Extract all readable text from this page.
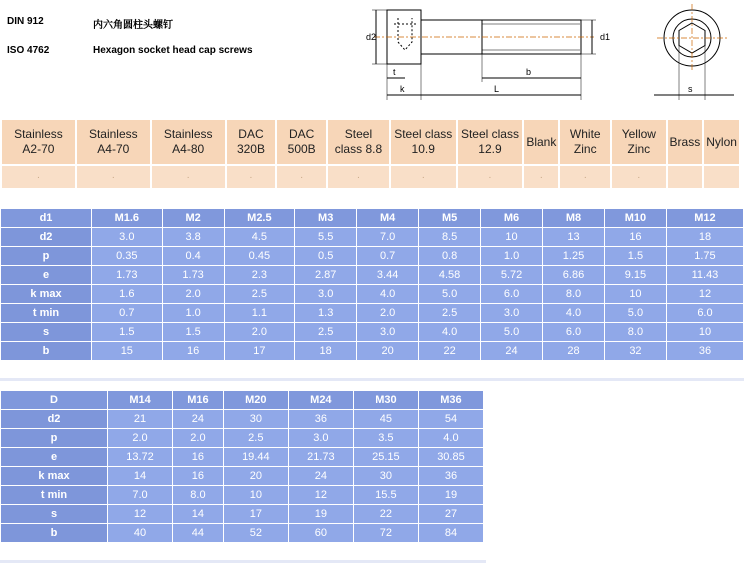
DIN 912
ISO 4762
内六角圆柱头螺钉
Hexagon socket head cap screws
d2	d1
t
k
b
L	s
Stainless A2-70	Stainless A4-70	Stainless A4-80	DAC 320B	DAC 500B	Steel class 8.8	Steel class 10.9	Steel class 12.9	Blank	White Zinc	Yellow Zinc	Brass	Nylon
·	·	·	·	·	·	·	·	·	·	·		
d1	M1.6	M2	M2.5	M3	M4	M5	M6	M8	M10	M12
d2	3.0	3.8	4.5	5.5	7.0	8.5	10	13	16	18
p	0.35	0.4	0.45	0.5	0.7	0.8	1.0	1.25	1.5	1.75
e	1.73	1.73	2.3	2.87	3.44	4.58	5.72	6.86	9.15	11.43
k max	1.6	2.0	2.5	3.0	4.0	5.0	6.0	8.0	10	12
t min	0.7	1.0	1.1	1.3	2.0	2.5	3.0	4.0	5.0	6.0
s	1.5	1.5	2.0	2.5	3.0	4.0	5.0	6.0	8.0	10
b	15	16	17	18	20	22	24	28	32	36
D	M14	M16	M20	M24	M30	M36
d2	21	24	30	36	45	54
p	2.0	2.0	2.5	3.0	3.5	4.0
e	13.72	16	19.44	21.73	25.15	30.85
k max	14	16	20	24	30	36
t min	7.0	8.0	10	12	15.5	19
s	12	14	17	19	22	27
b	40	44	52	60	72	84
